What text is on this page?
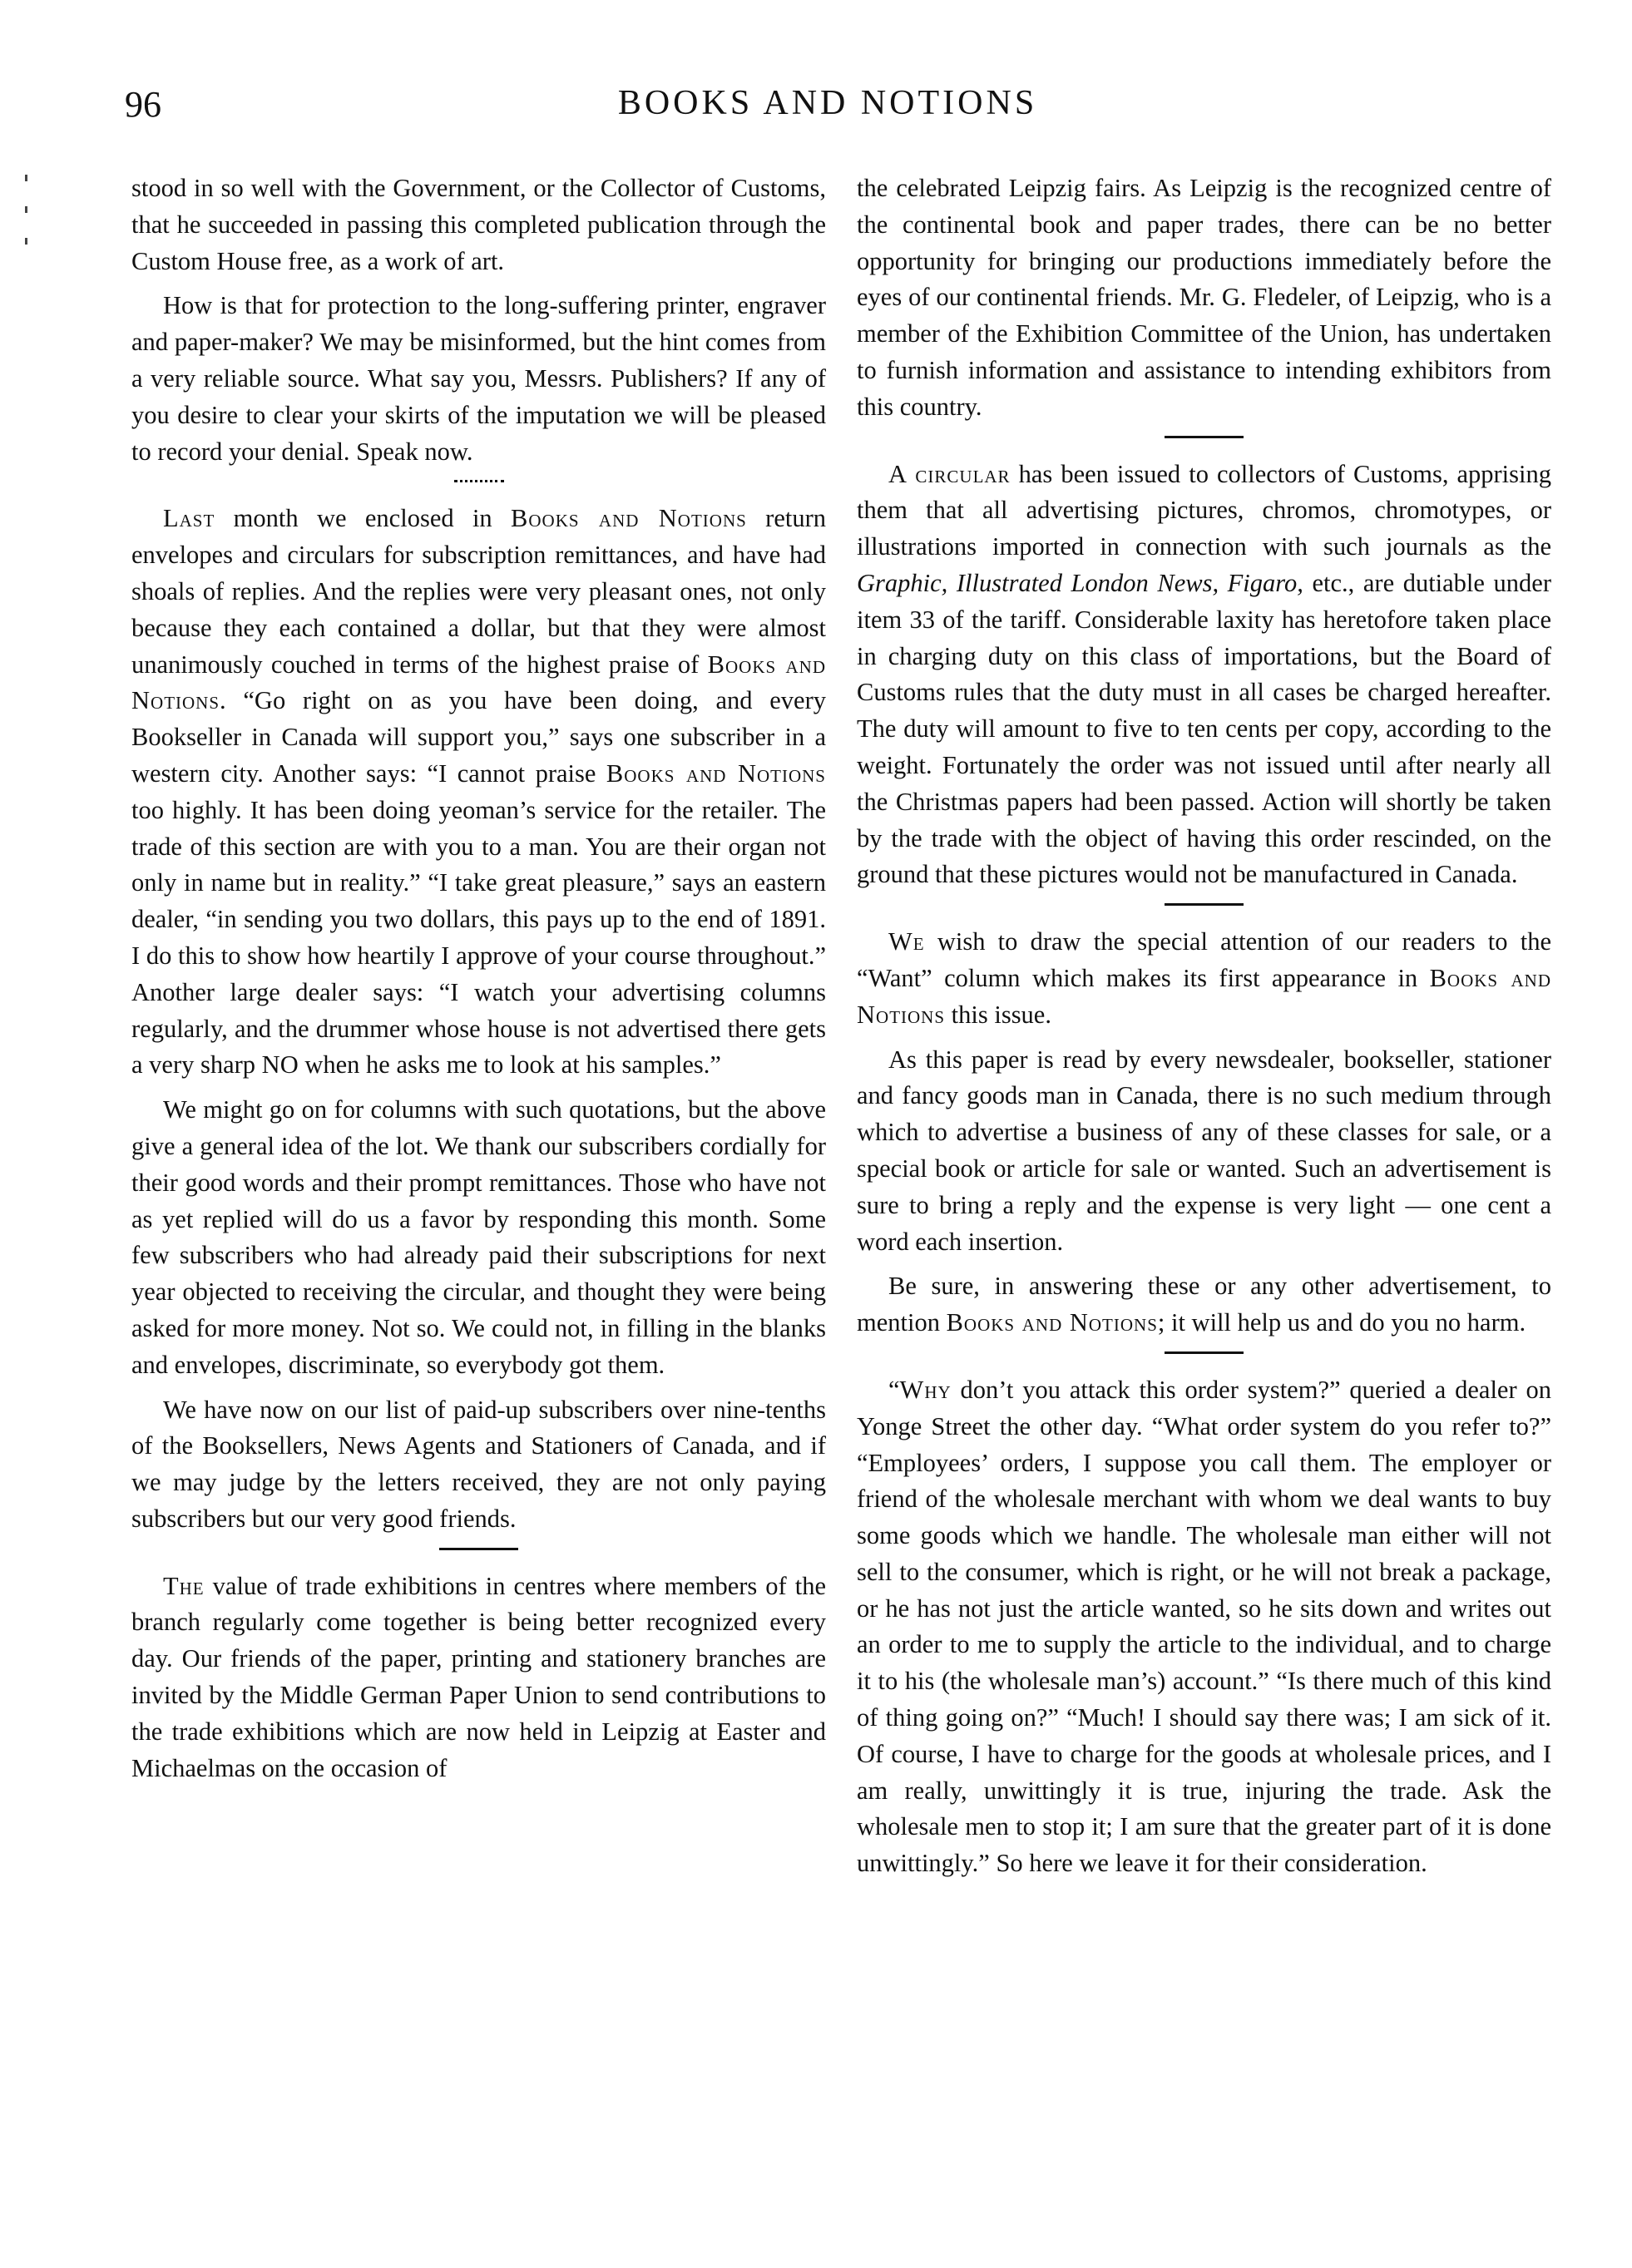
96	BOOKS AND NOTIONS

stood in so well with the Government, or the Collector of Customs, that he succeeded in passing this completed publication through the Custom House free, as a work of art.

How is that for protection to the long-suffering printer, engraver and paper-maker? We may be misinformed, but the hint comes from a very reliable source. What say you, Messrs. Publishers? If any of you desire to clear your skirts of the imputation we will be pleased to record your denial. Speak now.

Last month we enclosed in Books and Notions return envelopes and circulars for subscription remittances, and have had shoals of replies. And the replies were very pleasant ones, not only because they each contained a dollar, but that they were almost unanimously couched in terms of the highest praise of Books and Notions. “Go right on as you have been doing, and every Bookseller in Canada will support you,” says one subscriber in a western city. Another says: “I cannot praise Books and Notions too highly. It has been doing yeoman’s service for the retailer. The trade of this section are with you to a man. You are their organ not only in name but in reality.” “I take great pleasure,” says an eastern dealer, “in sending you two dollars, this pays up to the end of 1891. I do this to show how heartily I approve of your course throughout.” Another large dealer says: “I watch your advertising columns regularly, and the drummer whose house is not advertised there gets a very sharp NO when he asks me to look at his samples.”

We might go on for columns with such quotations, but the above give a general idea of the lot. We thank our subscribers cordially for their good words and their prompt remittances. Those who have not as yet replied will do us a favor by responding this month. Some few subscribers who had already paid their subscriptions for next year objected to receiving the circular, and thought they were being asked for more money. Not so. We could not, in filling in the blanks and envelopes, discriminate, so everybody got them.

We have now on our list of paid-up subscribers over nine-tenths of the Booksellers, News Agents and Stationers of Canada, and if we may judge by the letters received, they are not only paying subscribers but our very good friends.

The value of trade exhibitions in centres where members of the branch regularly come together is being better recognized every day. Our friends of the paper, printing and stationery branches are invited by the Middle German Paper Union to send contributions to the trade exhibitions which are now held in Leipzig at Easter and Michaelmas on the occasion of

the celebrated Leipzig fairs. As Leipzig is the recognized centre of the continental book and paper trades, there can be no better opportunity for bringing our productions immediately before the eyes of our continental friends. Mr. G. Fledeler, of Leipzig, who is a member of the Exhibition Committee of the Union, has undertaken to furnish information and assistance to intending exhibitors from this country.

A circular has been issued to collectors of Customs, apprising them that all advertising pictures, chromos, chromotypes, or illustrations imported in connection with such journals as the Graphic, Illustrated London News, Figaro, etc., are dutiable under item 33 of the tariff. Considerable laxity has heretofore taken place in charging duty on this class of importations, but the Board of Customs rules that the duty must in all cases be charged hereafter. The duty will amount to five to ten cents per copy, according to the weight. Fortunately the order was not issued until after nearly all the Christmas papers had been passed. Action will shortly be taken by the trade with the object of having this order rescinded, on the ground that these pictures would not be manufactured in Canada.

We wish to draw the special attention of our readers to the “Want” column which makes its first appearance in Books and Notions this issue.

As this paper is read by every newsdealer, bookseller, stationer and fancy goods man in Canada, there is no such medium through which to advertise a business of any of these classes for sale, or a special book or article for sale or wanted. Such an advertisement is sure to bring a reply and the expense is very light — one cent a word each insertion.

Be sure, in answering these or any other advertisement, to mention Books and Notions; it will help us and do you no harm.

“Why don’t you attack this order system?” queried a dealer on Yonge Street the other day. “What order system do you refer to?” “Employees’ orders, I suppose you call them. The employer or friend of the wholesale merchant with whom we deal wants to buy some goods which we handle. The wholesale man either will not sell to the consumer, which is right, or he will not break a package, or he has not just the article wanted, so he sits down and writes out an order to me to supply the article to the individual, and to charge it to his (the wholesale man’s) account.” “Is there much of this kind of thing going on?” “Much! I should say there was; I am sick of it. Of course, I have to charge for the goods at wholesale prices, and I am really, unwittingly it is true, injuring the trade. Ask the wholesale men to stop it; I am sure that the greater part of it is done unwittingly.” So here we leave it for their consideration.
